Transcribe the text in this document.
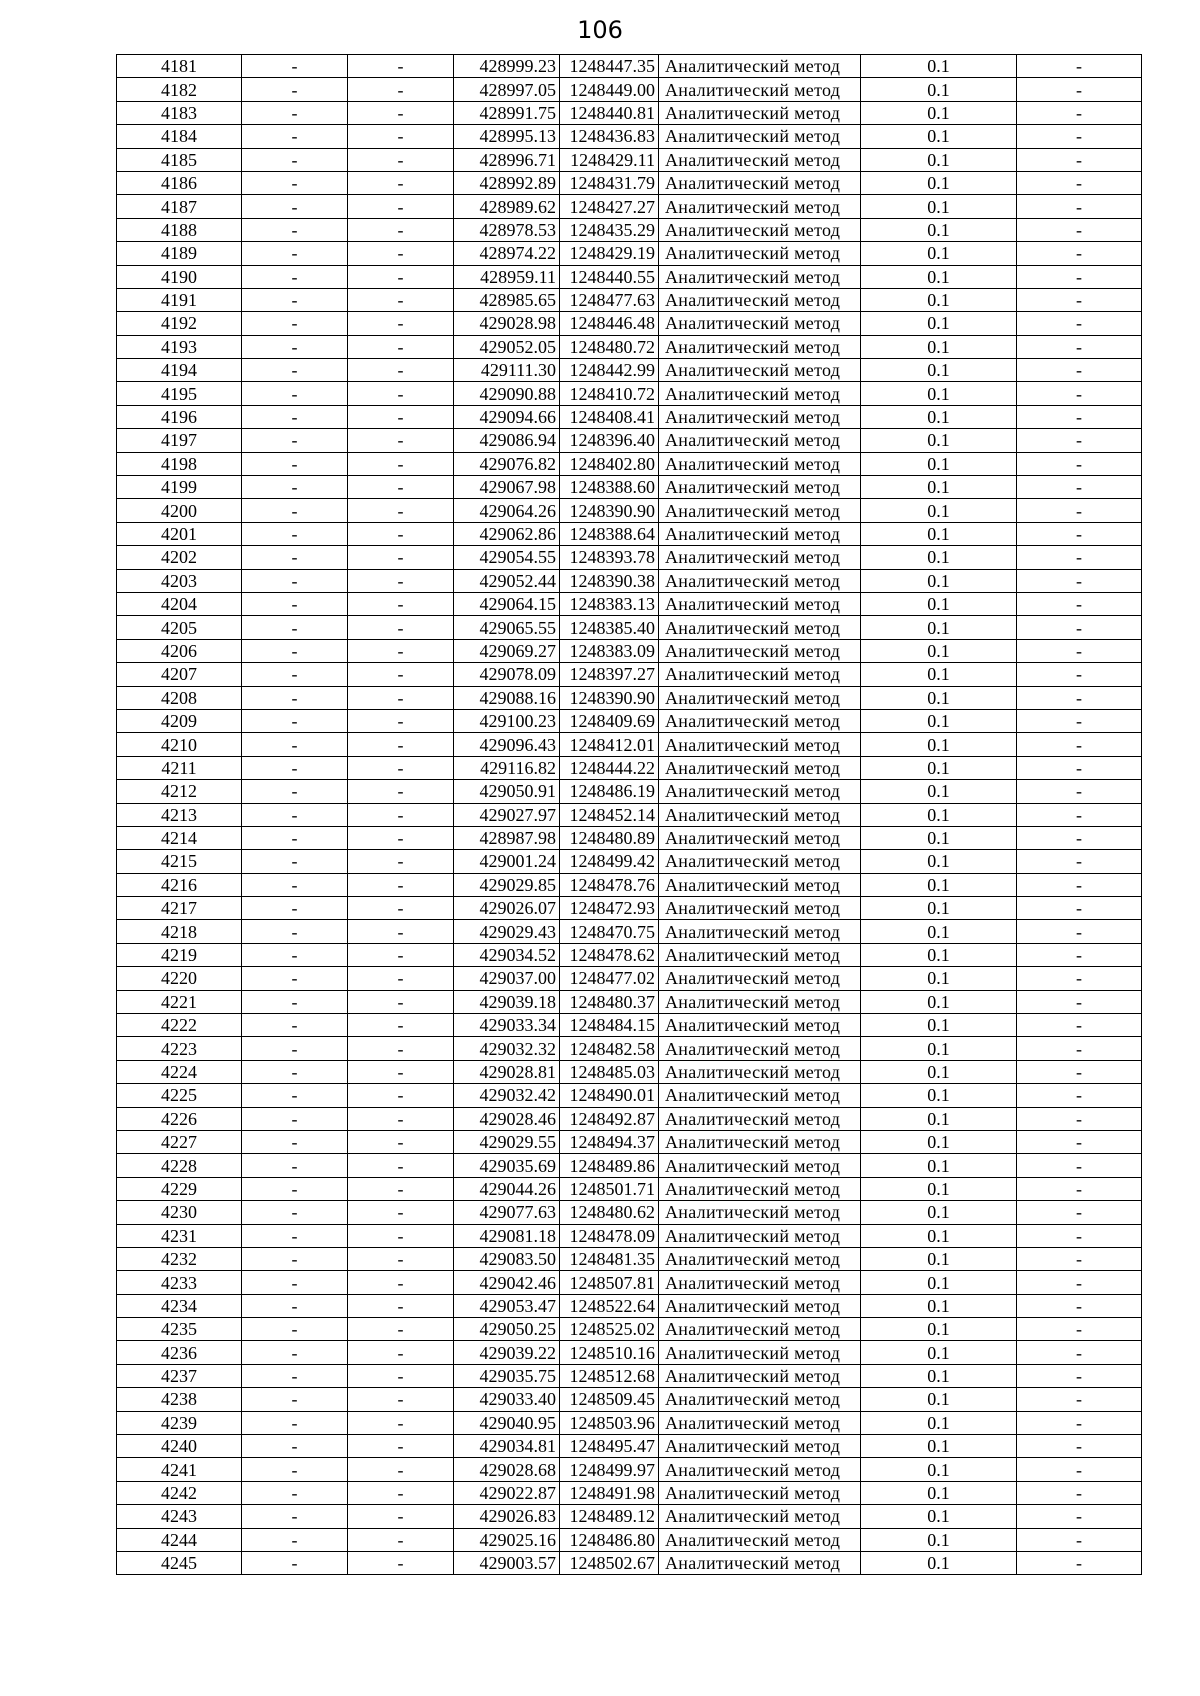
106
4181	-	-	428999.23	1248447.35	Аналитический метод	0.1	-
4182	-	-	428997.05	1248449.00	Аналитический метод	0.1	-
4183	-	-	428991.75	1248440.81	Аналитический метод	0.1	-
4184	-	-	428995.13	1248436.83	Аналитический метод	0.1	-
4185	-	-	428996.71	1248429.11	Аналитический метод	0.1	-
4186	-	-	428992.89	1248431.79	Аналитический метод	0.1	-
4187	-	-	428989.62	1248427.27	Аналитический метод	0.1	-
4188	-	-	428978.53	1248435.29	Аналитический метод	0.1	-
4189	-	-	428974.22	1248429.19	Аналитический метод	0.1	-
4190	-	-	428959.11	1248440.55	Аналитический метод	0.1	-
4191	-	-	428985.65	1248477.63	Аналитический метод	0.1	-
4192	-	-	429028.98	1248446.48	Аналитический метод	0.1	-
4193	-	-	429052.05	1248480.72	Аналитический метод	0.1	-
4194	-	-	429111.30	1248442.99	Аналитический метод	0.1	-
4195	-	-	429090.88	1248410.72	Аналитический метод	0.1	-
4196	-	-	429094.66	1248408.41	Аналитический метод	0.1	-
4197	-	-	429086.94	1248396.40	Аналитический метод	0.1	-
4198	-	-	429076.82	1248402.80	Аналитический метод	0.1	-
4199	-	-	429067.98	1248388.60	Аналитический метод	0.1	-
4200	-	-	429064.26	1248390.90	Аналитический метод	0.1	-
4201	-	-	429062.86	1248388.64	Аналитический метод	0.1	-
4202	-	-	429054.55	1248393.78	Аналитический метод	0.1	-
4203	-	-	429052.44	1248390.38	Аналитический метод	0.1	-
4204	-	-	429064.15	1248383.13	Аналитический метод	0.1	-
4205	-	-	429065.55	1248385.40	Аналитический метод	0.1	-
4206	-	-	429069.27	1248383.09	Аналитический метод	0.1	-
4207	-	-	429078.09	1248397.27	Аналитический метод	0.1	-
4208	-	-	429088.16	1248390.90	Аналитический метод	0.1	-
4209	-	-	429100.23	1248409.69	Аналитический метод	0.1	-
4210	-	-	429096.43	1248412.01	Аналитический метод	0.1	-
4211	-	-	429116.82	1248444.22	Аналитический метод	0.1	-
4212	-	-	429050.91	1248486.19	Аналитический метод	0.1	-
4213	-	-	429027.97	1248452.14	Аналитический метод	0.1	-
4214	-	-	428987.98	1248480.89	Аналитический метод	0.1	-
4215	-	-	429001.24	1248499.42	Аналитический метод	0.1	-
4216	-	-	429029.85	1248478.76	Аналитический метод	0.1	-
4217	-	-	429026.07	1248472.93	Аналитический метод	0.1	-
4218	-	-	429029.43	1248470.75	Аналитический метод	0.1	-
4219	-	-	429034.52	1248478.62	Аналитический метод	0.1	-
4220	-	-	429037.00	1248477.02	Аналитический метод	0.1	-
4221	-	-	429039.18	1248480.37	Аналитический метод	0.1	-
4222	-	-	429033.34	1248484.15	Аналитический метод	0.1	-
4223	-	-	429032.32	1248482.58	Аналитический метод	0.1	-
4224	-	-	429028.81	1248485.03	Аналитический метод	0.1	-
4225	-	-	429032.42	1248490.01	Аналитический метод	0.1	-
4226	-	-	429028.46	1248492.87	Аналитический метод	0.1	-
4227	-	-	429029.55	1248494.37	Аналитический метод	0.1	-
4228	-	-	429035.69	1248489.86	Аналитический метод	0.1	-
4229	-	-	429044.26	1248501.71	Аналитический метод	0.1	-
4230	-	-	429077.63	1248480.62	Аналитический метод	0.1	-
4231	-	-	429081.18	1248478.09	Аналитический метод	0.1	-
4232	-	-	429083.50	1248481.35	Аналитический метод	0.1	-
4233	-	-	429042.46	1248507.81	Аналитический метод	0.1	-
4234	-	-	429053.47	1248522.64	Аналитический метод	0.1	-
4235	-	-	429050.25	1248525.02	Аналитический метод	0.1	-
4236	-	-	429039.22	1248510.16	Аналитический метод	0.1	-
4237	-	-	429035.75	1248512.68	Аналитический метод	0.1	-
4238	-	-	429033.40	1248509.45	Аналитический метод	0.1	-
4239	-	-	429040.95	1248503.96	Аналитический метод	0.1	-
4240	-	-	429034.81	1248495.47	Аналитический метод	0.1	-
4241	-	-	429028.68	1248499.97	Аналитический метод	0.1	-
4242	-	-	429022.87	1248491.98	Аналитический метод	0.1	-
4243	-	-	429026.83	1248489.12	Аналитический метод	0.1	-
4244	-	-	429025.16	1248486.80	Аналитический метод	0.1	-
4245	-	-	429003.57	1248502.67	Аналитический метод	0.1	-
